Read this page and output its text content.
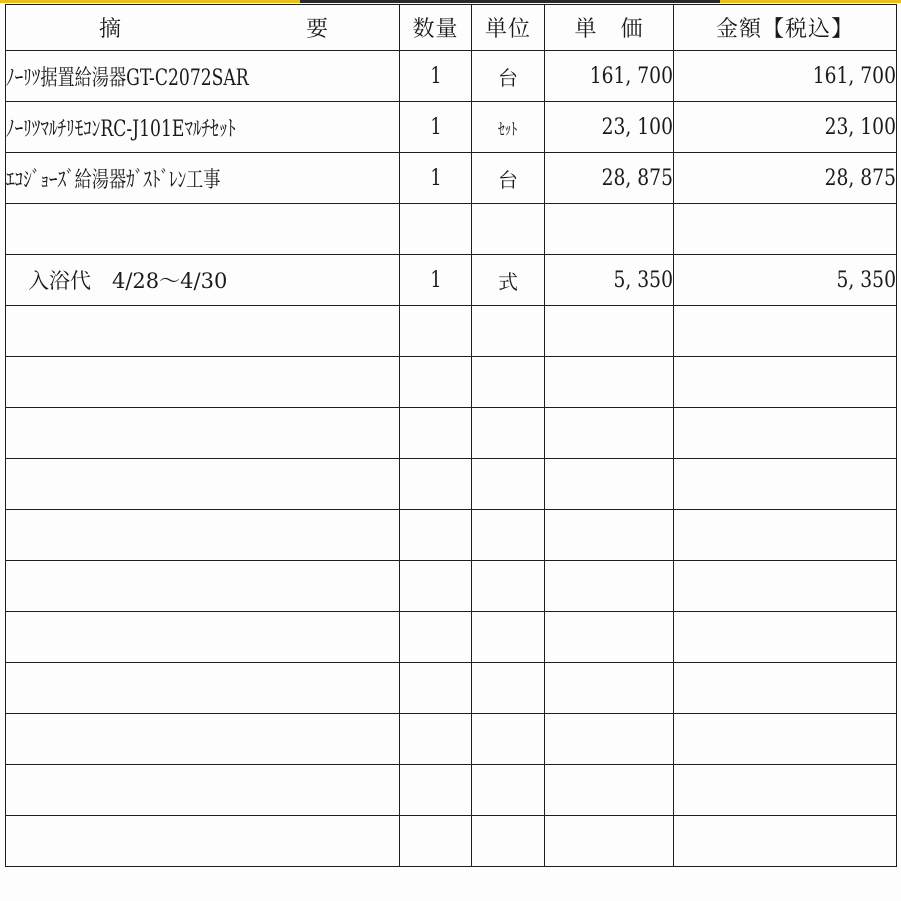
摘 要	数量	単位	単　価	金額【税込】
ﾉｰﾘﾂ据置給湯器GT-C2072SAR	1	台	161, 700	161, 700
ﾉｰﾘﾂﾏﾙﾁﾘﾓｺﾝRC-J101Eﾏﾙﾁｾｯﾄ	1	ｾｯﾄ	23, 100	23, 100
ｴｺｼﾞｮｰｽﾞ給湯器ｶﾞｽﾄﾞﾚﾝ工事	1	台	28, 875	28, 875

入浴代　4/28～4/30	1	式	5, 350	5, 350
